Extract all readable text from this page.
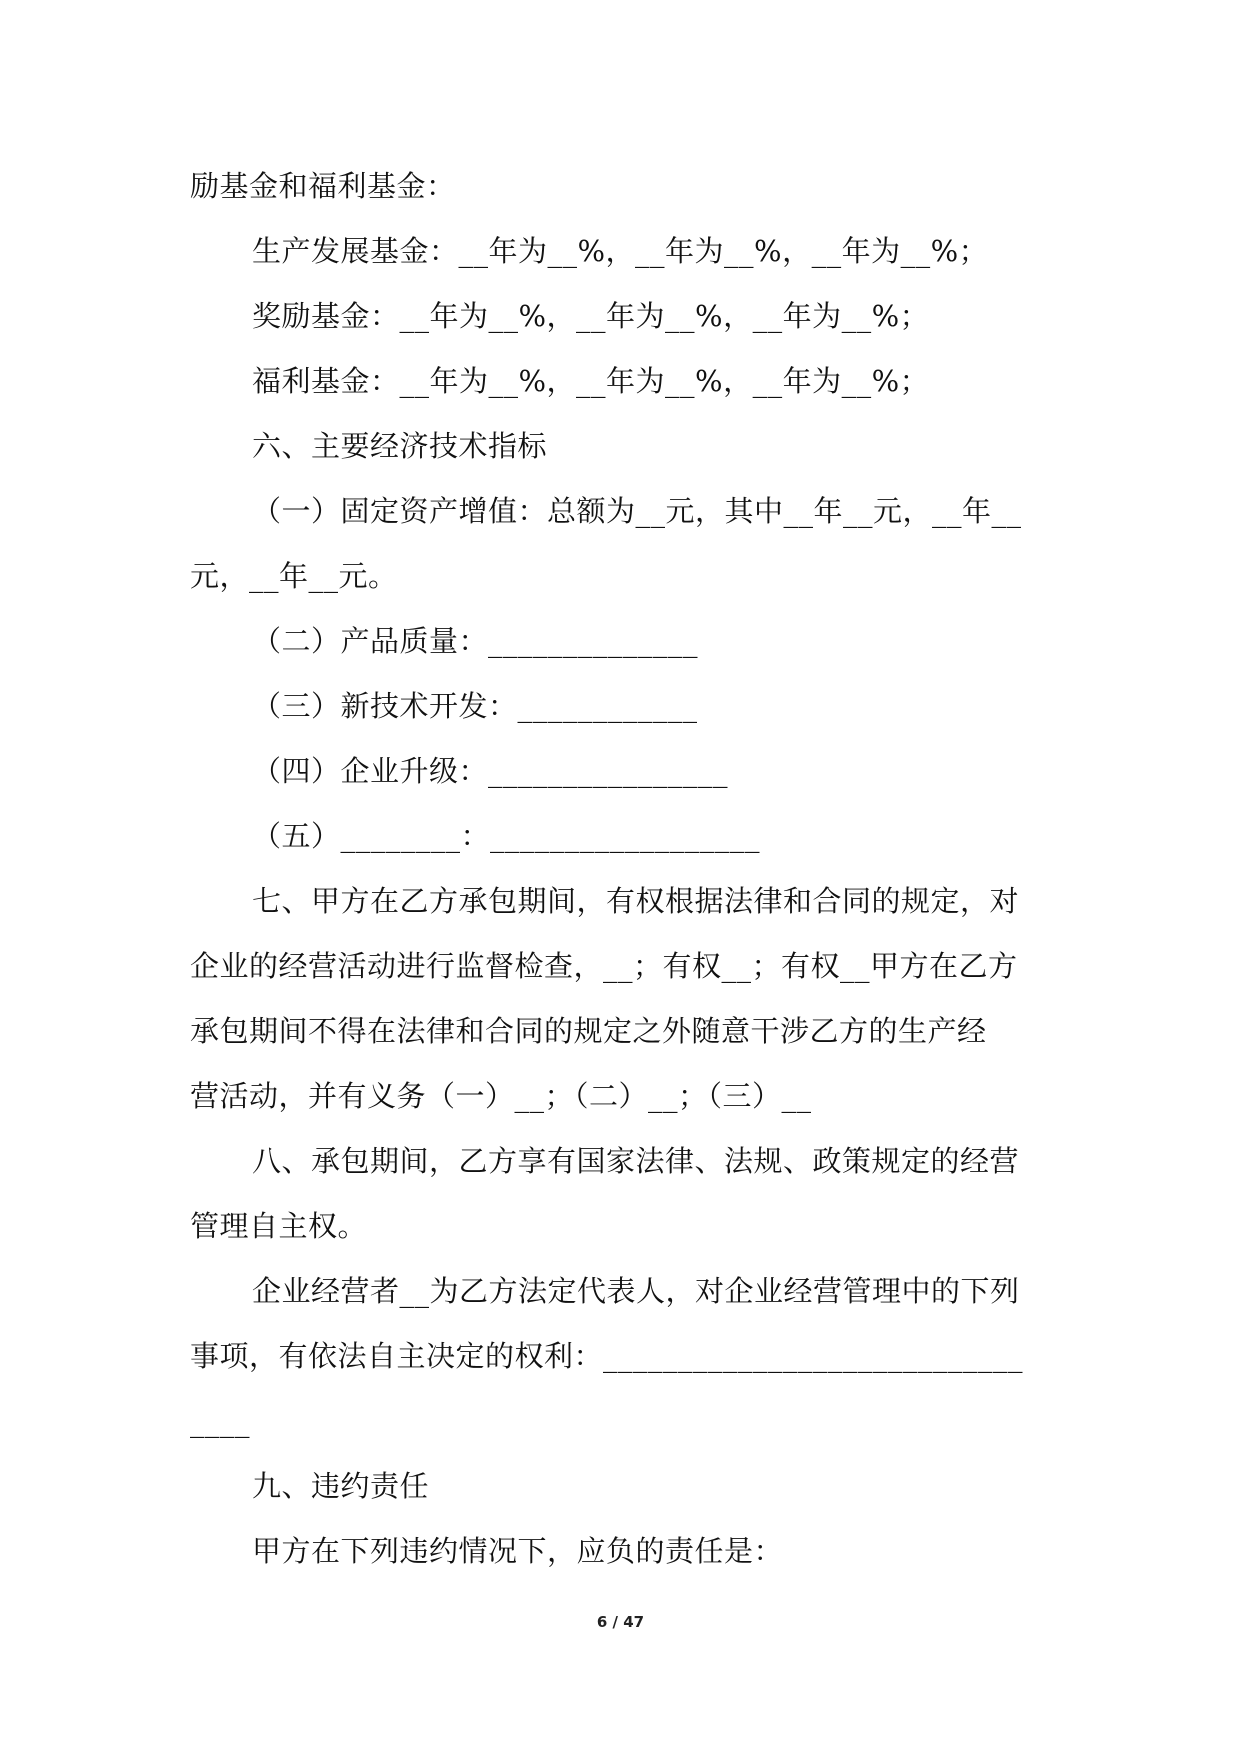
励基金和福利基金：
生产发展基金：__年为__%，__年为__%，__年为__%；
奖励基金：__年为__%，__年为__%，__年为__%；
福利基金：__年为__%，__年为__%，__年为__%；
六、主要经济技术指标
（一）固定资产增值：总额为__元，其中__年__元，__年__
元，__年__元。
（二）产品质量：______________
（三）新技术开发：____________
（四）企业升级：________________
（五）________：__________________
七、甲方在乙方承包期间，有权根据法律和合同的规定，对
企业的经营活动进行监督检查，__；有权__；有权__甲方在乙方
承包期间不得在法律和合同的规定之外随意干涉乙方的生产经
营活动，并有义务（一）__；（二）__；（三）__
八、承包期间，乙方享有国家法律、法规、政策规定的经营
管理自主权。
企业经营者__为乙方法定代表人，对企业经营管理中的下列
事项，有依法自主决定的权利：____________________________
____
九、违约责任
甲方在下列违约情况下，应负的责任是：
6 / 47
